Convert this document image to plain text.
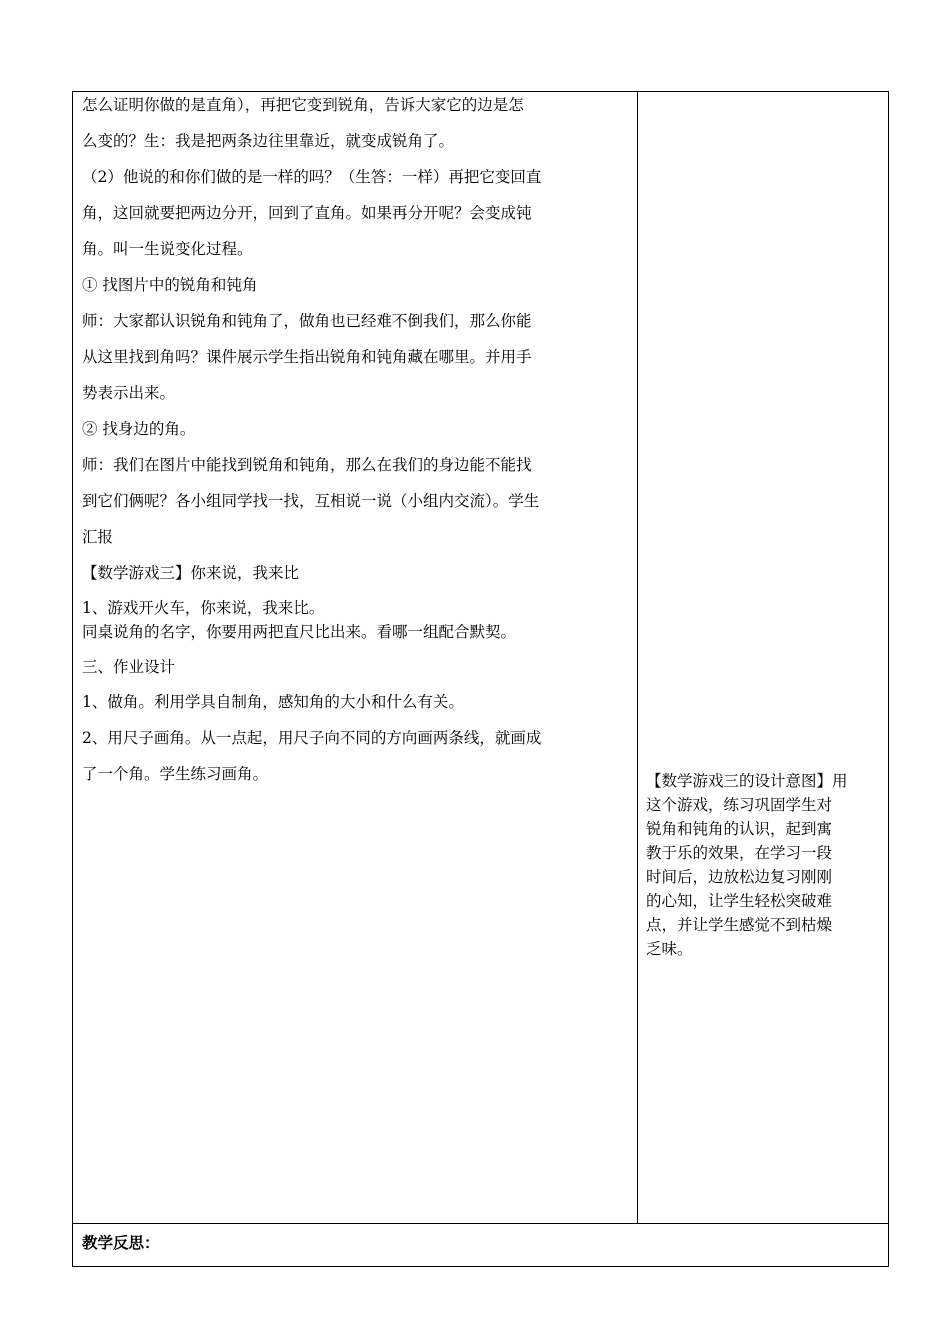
怎么证明你做的是直角），再把它变到锐角，告诉大家它的边是怎
么变的？生：我是把两条边往里靠近，就变成锐角了。
（2）他说的和你们做的是一样的吗？（生答：一样）再把它变回直
角，这回就要把两边分开，回到了直角。如果再分开呢？会变成钝
角。叫一生说变化过程。
① 找图片中的锐角和钝角
师：大家都认识锐角和钝角了，做角也已经难不倒我们，那么你能
从这里找到角吗？课件展示学生指出锐角和钝角藏在哪里。并用手
势表示出来。
② 找身边的角。
师：我们在图片中能找到锐角和钝角，那么在我们的身边能不能找
到它们俩呢？各小组同学找一找，互相说一说（小组内交流）。学生
汇报
【数学游戏三】你来说，我来比
1、游戏开火车，你来说，我来比。
同桌说角的名字，你要用两把直尺比出来。看哪一组配合默契。
三、作业设计
1、做角。利用学具自制角，感知角的大小和什么有关。
2、用尺子画角。从一点起，用尺子向不同的方向画两条线，就画成
了一个角。学生练习画角。	【数学游戏三的设计意图】用
这个游戏，练习巩固学生对
锐角和钝角的认识，起到寓
教于乐的效果，在学习一段
时间后，边放松边复习刚刚
的心知，让学生轻松突破难
点，并让学生感觉不到枯燥
乏味。
教学反思：
